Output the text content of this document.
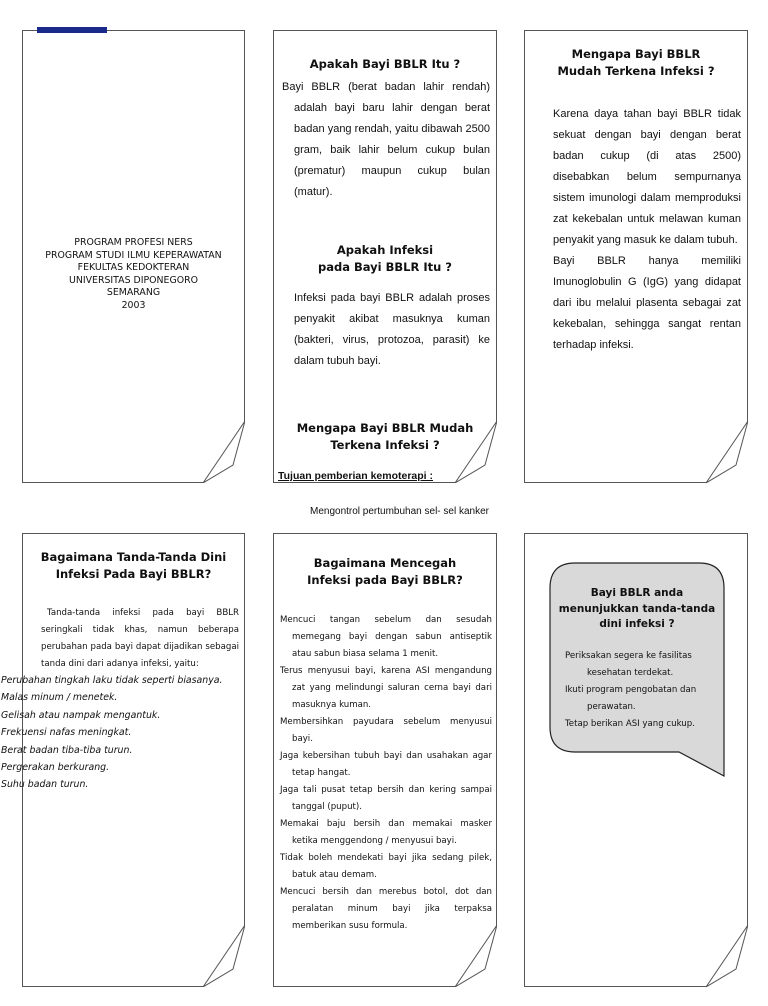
PROGRAM PROFESI NERS
PROGRAM STUDI ILMU KEPERAWATAN
FEKULTAS KEDOKTERAN
UNIVERSITAS DIPONEGORO
SEMARANG
2003
Apakah Bayi BBLR Itu ?
Bayi BBLR (berat badan lahir rendah) adalah bayi baru lahir dengan berat badan yang rendah, yaitu dibawah 2500 gram, baik lahir belum cukup bulan (prematur) maupun cukup bulan (matur).
Apakah Infeksi
pada Bayi BBLR Itu ?
Infeksi pada bayi BBLR adalah proses penyakit akibat masuknya kuman (bakteri, virus, protozoa, parasit) ke dalam tubuh bayi.
Mengapa Bayi BBLR Mudah
Terkena Infeksi ?
Tujuan pemberian kemoterapi :
Mengontrol pertumbuhan sel- sel kanker
Mengapa Bayi BBLR
Mudah Terkena Infeksi ?
Karena daya tahan bayi BBLR tidak sekuat dengan bayi dengan berat badan cukup (di atas 2500) disebabkan belum sempurnanya sistem imunologi dalam memproduksi zat kekebalan untuk melawan kuman penyakit yang masuk ke dalam tubuh.
Bayi BBLR hanya memiliki Imunoglobulin G (IgG) yang didapat dari ibu melalui plasenta sebagai zat kekebalan, sehingga sangat rentan terhadap infeksi.
Bagaimana Tanda-Tanda Dini
Infeksi Pada Bayi BBLR?
Tanda-tanda infeksi pada bayi BBLR seringkali tidak khas, namun beberapa perubahan pada bayi dapat dijadikan sebagai tanda dini dari adanya infeksi, yaitu:

Perubahan tingkah laku tidak seperti biasanya.

Malas minum / menetek.

Gelisah atau nampak mengantuk.

Frekuensi nafas meningkat.

Berat badan tiba-tiba turun.

Pergerakan berkurang.

Suhu badan turun.

Bagaimana Mencegah
Infeksi pada Bayi BBLR?

Mencuci tangan sebelum dan sesudah memegang bayi dengan sabun antiseptik atau sabun biasa selama 1 menit.

Terus menyusui bayi, karena ASI mengandung zat yang melindungi saluran cerna bayi dari masuknya kuman.

Membersihkan payudara sebelum menyusui bayi.

Jaga kebersihan tubuh bayi dan usahakan agar tetap hangat.

Jaga tali pusat tetap bersih dan kering sampai tanggal (puput).

Memakai baju bersih dan memakai masker ketika menggendong / menyusui bayi.

Tidak boleh mendekati bayi jika sedang pilek, batuk atau demam.

Mencuci bersih dan merebus botol, dot dan peralatan minum bayi jika terpaksa memberikan susu formula.

Bayi BBLR anda
menunjukkan tanda-tanda
dini infeksi ?

Periksakan segera ke fasilitas kesehatan terdekat.

Ikuti program pengobatan dan perawatan.

Tetap berikan ASI yang cukup.
